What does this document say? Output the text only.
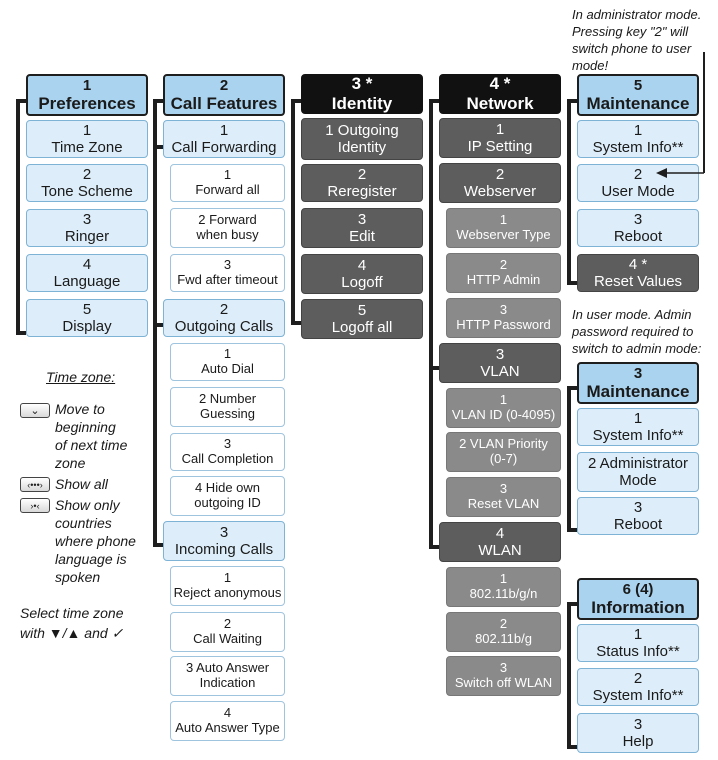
1
Preferences
1
Time Zone
2
Tone Scheme
3
Ringer
4
Language
5
Display
2
Call Features
1
Call Forwarding
1
Forward all
2 Forward
when busy
3
Fwd after timeout
2
Outgoing Calls
1
Auto Dial
2 Number
Guessing
3
Call Completion
4 Hide own
outgoing ID
3
Incoming Calls
1
Reject anonymous
2
Call Waiting
3 Auto Answer
Indication
4
Auto Answer Type
3 *
Identity
1 Outgoing
Identity
2
Reregister
3
Edit
4
Logoff
5
Logoff all
4 *
Network
1
IP Setting
2
Webserver
1
Webserver Type
2
HTTP Admin
3
HTTP Password
3
VLAN
1
VLAN ID (0-4095)
2 VLAN Priority
(0-7)
3
Reset VLAN
4
WLAN
1
802.11b/g/n
2
802.11b/g
3
Switch off WLAN
In administrator mode.
Pressing key "2" will
switch phone to user
mode!
5
Maintenance
1
System Info**
2
User Mode
3
Reboot
4 *
Reset Values
In user mode. Admin
password required to
switch to admin mode:
3
Maintenance
1
System Info**
2 Administrator
Mode
3
Reboot
6 (4)
Information
1
Status Info**
2
System Info**
3
Help
Time zone:
⌄	Move to
beginning
of next time
zone
‹•••› Show all
›•‹	Show only
countries
where phone
language is
spoken
Select time zone
with ▼/▲ and ✓
